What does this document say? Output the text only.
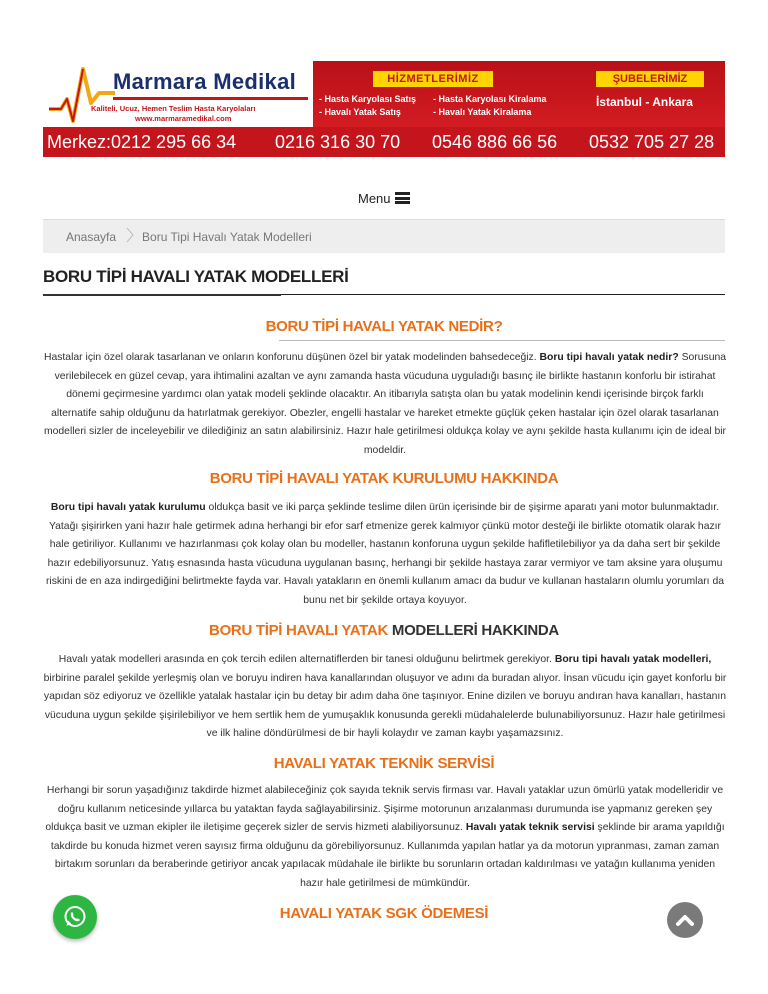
Marmara Medikal
Kaliteli, Ucuz, Hemen Teslim Hasta Karyolaları
www.marmaramedikal.com
HİZMETLERİMİZ
- Hasta Karyolası Satış - Hasta Karyolası Kiralama
- Havalı Yatak Satış	- Havalı Yatak Kiralama
ŞUBELERİMİZ
İstanbul - Ankara
Merkez:0212 295 66 34 0216 316 30 70 0546 886 66 56 0532 705 27 28
Menu
Anasayfa Boru Tipi Havalı Yatak Modelleri
BORU TİPİ HAVALI YATAK MODELLERİ
BORU TİPİ HAVALI YATAK NEDİR?
Hastalar için özel olarak tasarlanan ve onların konforunu düşünen özel bir yatak modelinden bahsedeceğiz. Boru tipi havalı yatak nedir? Sorusuna verilebilecek en güzel cevap, yara ihtimalini azaltan ve aynı zamanda hasta vücuduna uyguladığı basınç ile birlikte hastanın konforlu bir istirahat dönemi geçirmesine yardımcı olan yatak modeli şeklinde olacaktır. An itibarıyla satışta olan bu yatak modelinin kendi içerisinde birçok farklı alternatife sahip olduğunu da hatırlatmak gerekiyor. Obezler, engelli hastalar ve hareket etmekte güçlük çeken hastalar için özel olarak tasarlanan modelleri sizler de inceleyebilir ve dilediğiniz an satın alabilirsiniz. Hazır hale getirilmesi oldukça kolay ve aynı şekilde hasta kullanımı için de ideal bir modeldir.
BORU TİPİ HAVALI YATAK KURULUMU HAKKINDA
Boru tipi havalı yatak kurulumu oldukça basit ve iki parça şeklinde teslime dilen ürün içerisinde bir de şişirme aparatı yani motor bulunmaktadır. Yatağı şişirirken yani hazır hale getirmek adına herhangi bir efor sarf etmenize gerek kalmıyor çünkü motor desteği ile birlikte otomatik olarak hazır hale getiriliyor. Kullanımı ve hazırlanması çok kolay olan bu modeller, hastanın konforuna uygun şekilde hafifletilebiliyor ya da daha sert bir şekilde hazır edebiliyorsunuz. Yatış esnasında hasta vücuduna uygulanan basınç, herhangi bir şekilde hastaya zarar vermiyor ve tam aksine yara oluşumu riskini de en aza indirgediğini belirtmekte fayda var. Havalı yatakların en önemli kullanım amacı da budur ve kullanan hastaların olumlu yorumları da bunu net bir şekilde ortaya koyuyor.
BORU TİPİ HAVALI YATAK MODELLERİ HAKKINDA
Havalı yatak modelleri arasında en çok tercih edilen alternatiflerden bir tanesi olduğunu belirtmek gerekiyor. Boru tipi havalı yatak modelleri, birbirine paralel şekilde yerleşmiş olan ve boruyu indiren hava kanallarından oluşuyor ve adını da buradan alıyor. İnsan vücudu için gayet konforlu bir yapıdan söz ediyoruz ve özellikle yatalak hastalar için bu detay bir adım daha öne taşınıyor. Enine dizilen ve boruyu andıran hava kanalları, hastanın vücuduna uygun şekilde şişirilebiliyor ve hem sertlik hem de yumuşaklık konusunda gerekli müdahalelerde bulunabiliyorsunuz. Hazır hale getirilmesi ve ilk haline döndürülmesi de bir hayli kolaydır ve zaman kaybı yaşamazsınız.
HAVALI YATAK TEKNİK SERVİSİ
Herhangi bir sorun yaşadığınız takdirde hizmet alabileceğiniz çok sayıda teknik servis firması var. Havalı yataklar uzun ömürlü yatak modelleridir ve doğru kullanım neticesinde yıllarca bu yataktan fayda sağlayabilirsiniz. Şişirme motorunun arızalanması durumunda ise yapmanız gereken şey oldukça basit ve uzman ekipler ile iletişime geçerek sizler de servis hizmeti alabiliyorsunuz. Havalı yatak teknik servisi şeklinde bir arama yapıldığı takdirde bu konuda hizmet veren sayısız firma olduğunu da görebiliyorsunuz. Kullanımda yapılan hatlar ya da motorun yıpranması, zaman zaman birtakım sorunları da beraberinde getiriyor ancak yapılacak müdahale ile birlikte bu sorunların ortadan kaldırılması ve yatağın kullanıma yeniden hazır hale getirilmesi de mümkündür.
HAVALI YATAK SGK ÖDEMESİ
